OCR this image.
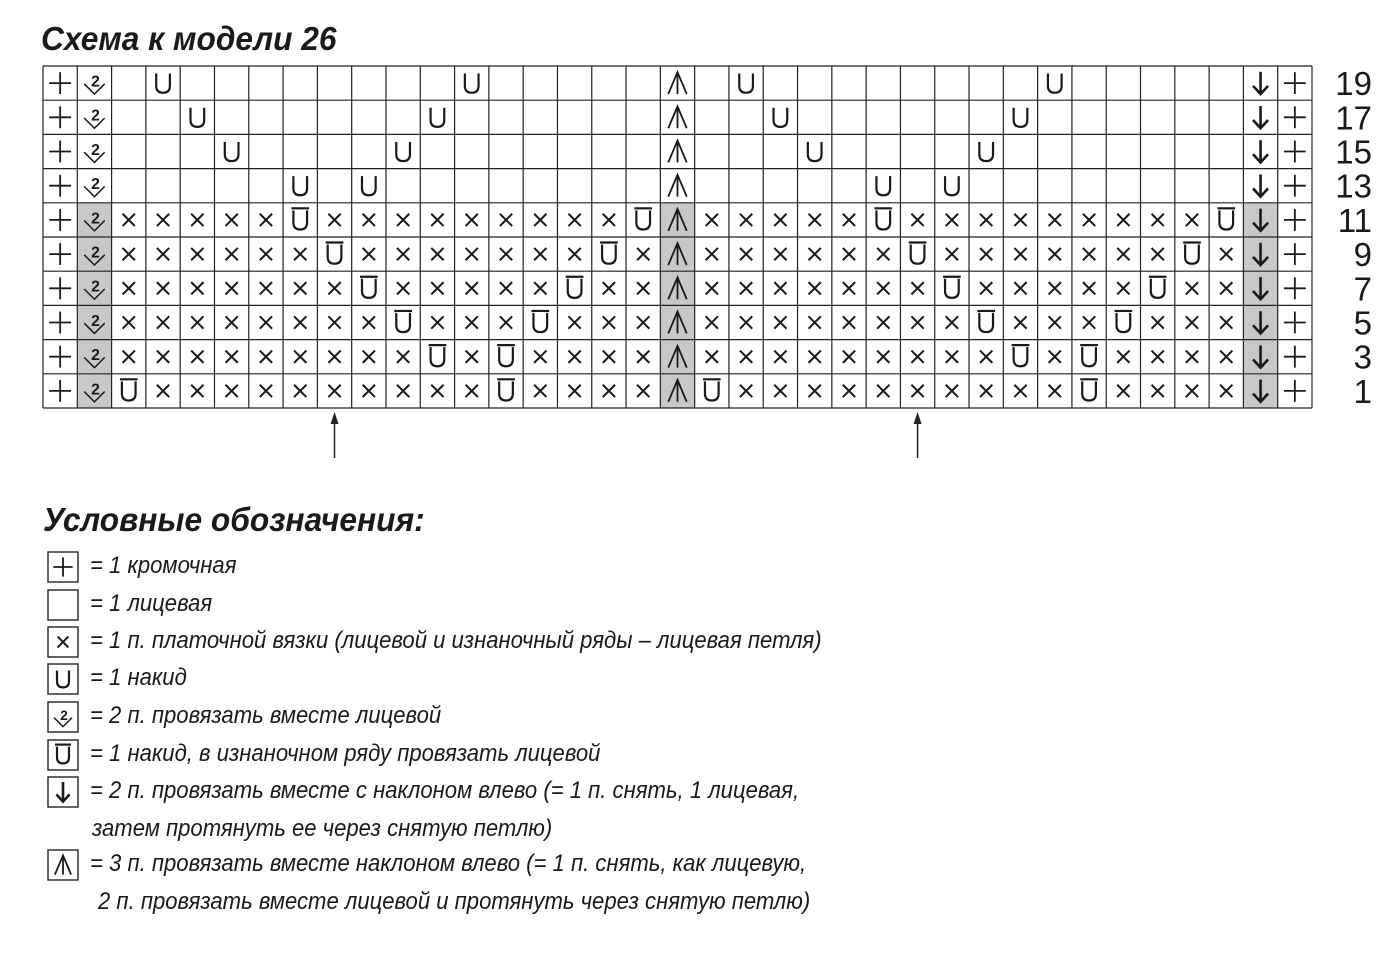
Схема к модели 26
2
2
2
2
2
2
2
2
2
2
19
17
15
13
11
9
7
5
3
1
Условные обозначения:
= 1 кромочная
= 1 лицевая
= 1 п. платочной вязки (лицевой и изнаночный ряды – лицевая петля)
= 1 накид
2 = 2 п. провязать вместе лицевой
= 1 накид, в изнаночном ряду провязать лицевой
= 2 п. провязать вместе с наклоном влево (= 1 п. снять, 1 лицевая,
затем протянуть ее через снятую петлю)
= 3 п. провязать вместе наклоном влево (= 1 п. снять, как лицевую,
2 п. провязать вместе лицевой и протянуть через снятую петлю)
